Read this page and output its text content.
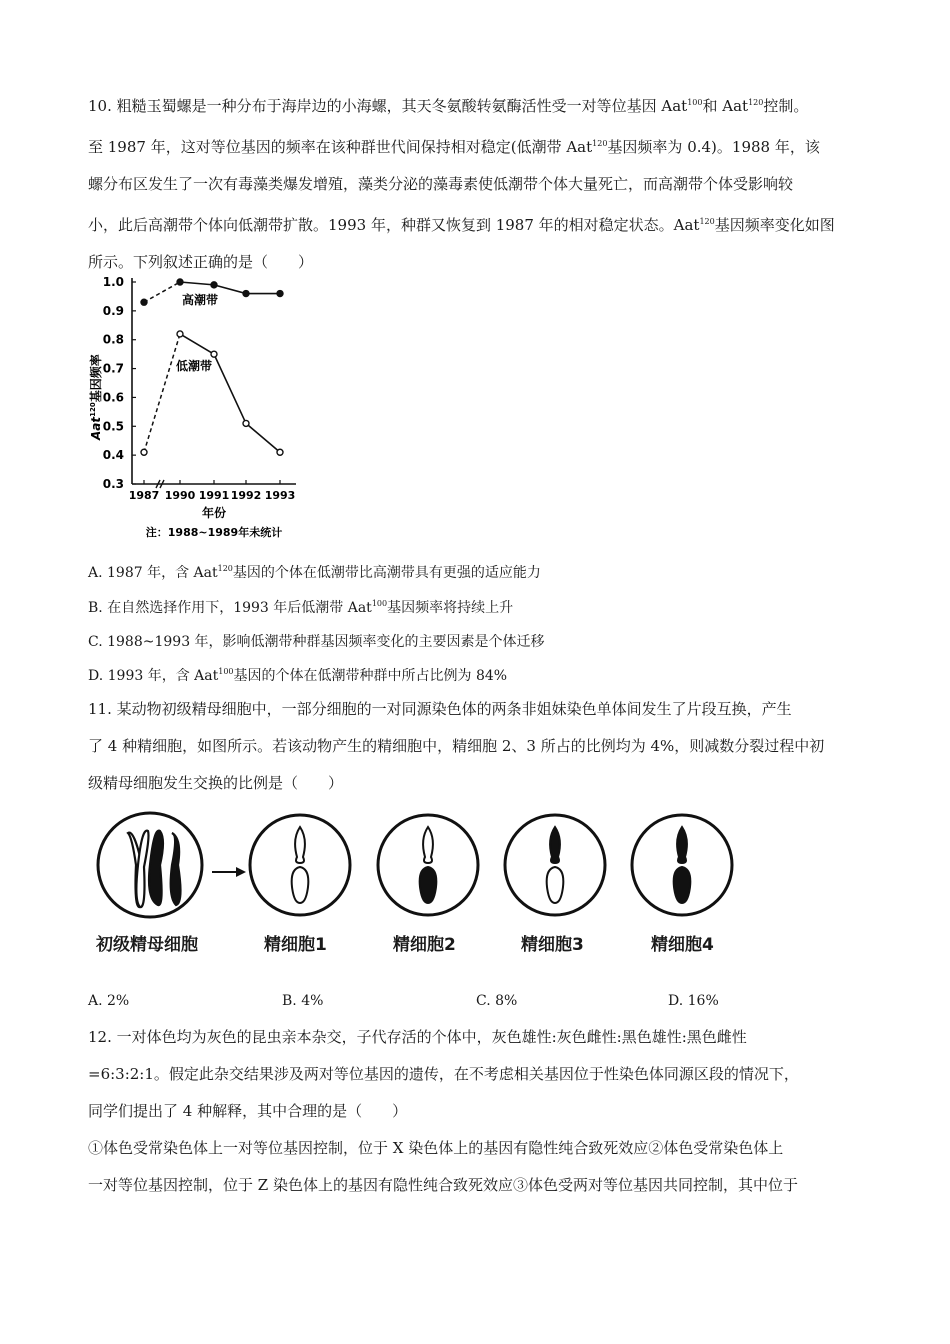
10. 粗糙玉蜀螺是一种分布于海岸边的小海螺，其天冬氨酸转氨酶活性受一对等位基因 Aat$^{100}$和 Aat$^{120}$控制。
至 1987 年，这对等位基因的频率在该种群世代间保持相对稳定(低潮带 Aat$^{120}$基因频率为 0.4)。1988 年，该
螺分布区发生了一次有毒藻类爆发增殖，藻类分泌的藻毒素使低潮带个体大量死亡，而高潮带个体受影响较
小，此后高潮带个体向低潮带扩散。1993 年，种群又恢复到 1987 年的相对稳定状态。Aat$^{120}$基因频率变化如图
所示。下列叙述正确的是（　　）
0.3
0.4
0.5
0.6
0.7
0.8
0.9
1.0
1987 1990 1991 1992 1993
高潮带
低潮带
Aat$^{120}$基因频率
年份
注：1988~1989年未统计
A. 1987 年，含 Aat$^{120}$基因的个体在低潮带比高潮带具有更强的适应能力
B. 在自然选择作用下，1993 年后低潮带 Aat$^{100}$基因频率将持续上升
C. 1988~1993 年，影响低潮带种群基因频率变化的主要因素是个体迁移
D. 1993 年，含 Aat$^{100}$基因的个体在低潮带种群中所占比例为 84%
11. 某动物初级精母细胞中，一部分细胞的一对同源染色体的两条非姐妹染色单体间发生了片段互换，产生
了 4 种精细胞，如图所示。若该动物产生的精细胞中，精细胞 2、3 所占的比例均为 4%，则减数分裂过程中初
级精母细胞发生交换的比例是（　　）
初级精母细胞	精细胞1	精细胞2	精细胞3	精细胞4
A. 2%	B. 4%	C. 8%	D. 16%
12. 一对体色均为灰色的昆虫亲本杂交，子代存活的个体中，灰色雄性:灰色雌性:黑色雄性:黑色雌性
=6:3:2:1。假定此杂交结果涉及两对等位基因的遗传，在不考虑相关基因位于性染色体同源区段的情况下，
同学们提出了 4 种解释，其中合理的是（　　）
①体色受常染色体上一对等位基因控制，位于 X 染色体上的基因有隐性纯合致死效应②体色受常染色体上
一对等位基因控制，位于 Z 染色体上的基因有隐性纯合致死效应③体色受两对等位基因共同控制，其中位于
